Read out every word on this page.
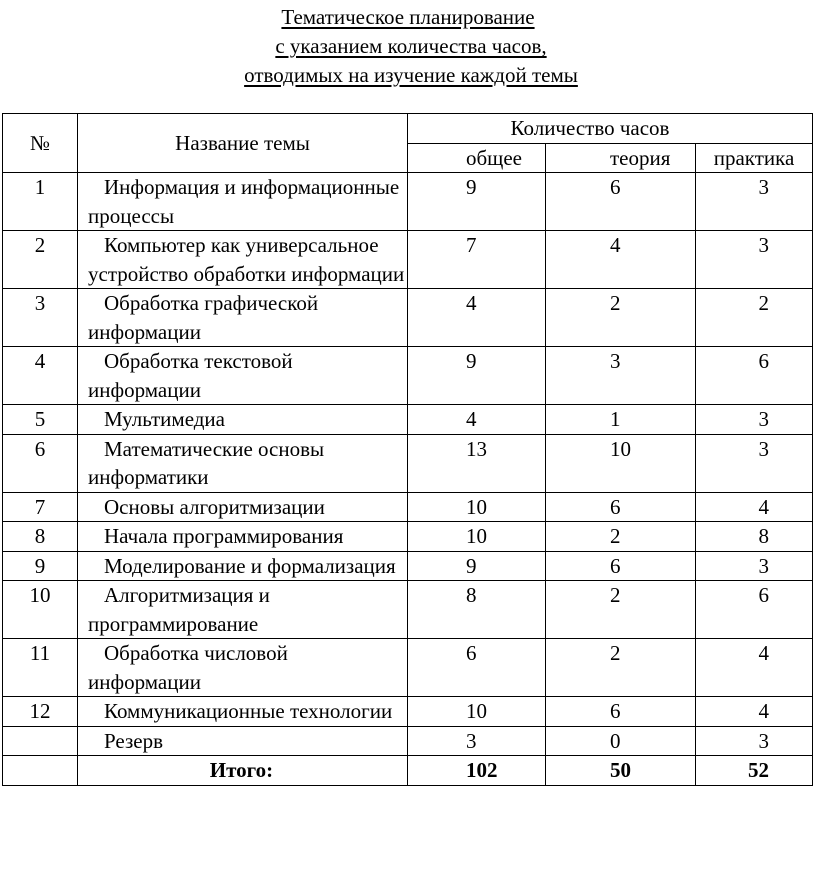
Тематическое планирование
с указанием количества часов,
отводимых на изучение каждой темы
№	Название темы	Количество часов		
		общее	теория	практика
1	Информация и информационные процессы	9	6	3
2	Компьютер как универсальное устройство обработки информации	7	4	3
3	Обработка графической информации	4	2	2
4	Обработка текстовой информации	9	3	6
5	Мультимедиа	4	1	3
6	Математические основы информатики	13	10	3
7	Основы алгоритмизации	10	6	4
8	Начала программирования	10	2	8
9	Моделирование и формализация	9	6	3
10	Алгоритмизация и программирование	8	2	6
11	Обработка числовой информации	6	2	4
12	Коммуникационные технологии	10	6	4
	Резерв	3	0	3
	Итого:	102	50	52
